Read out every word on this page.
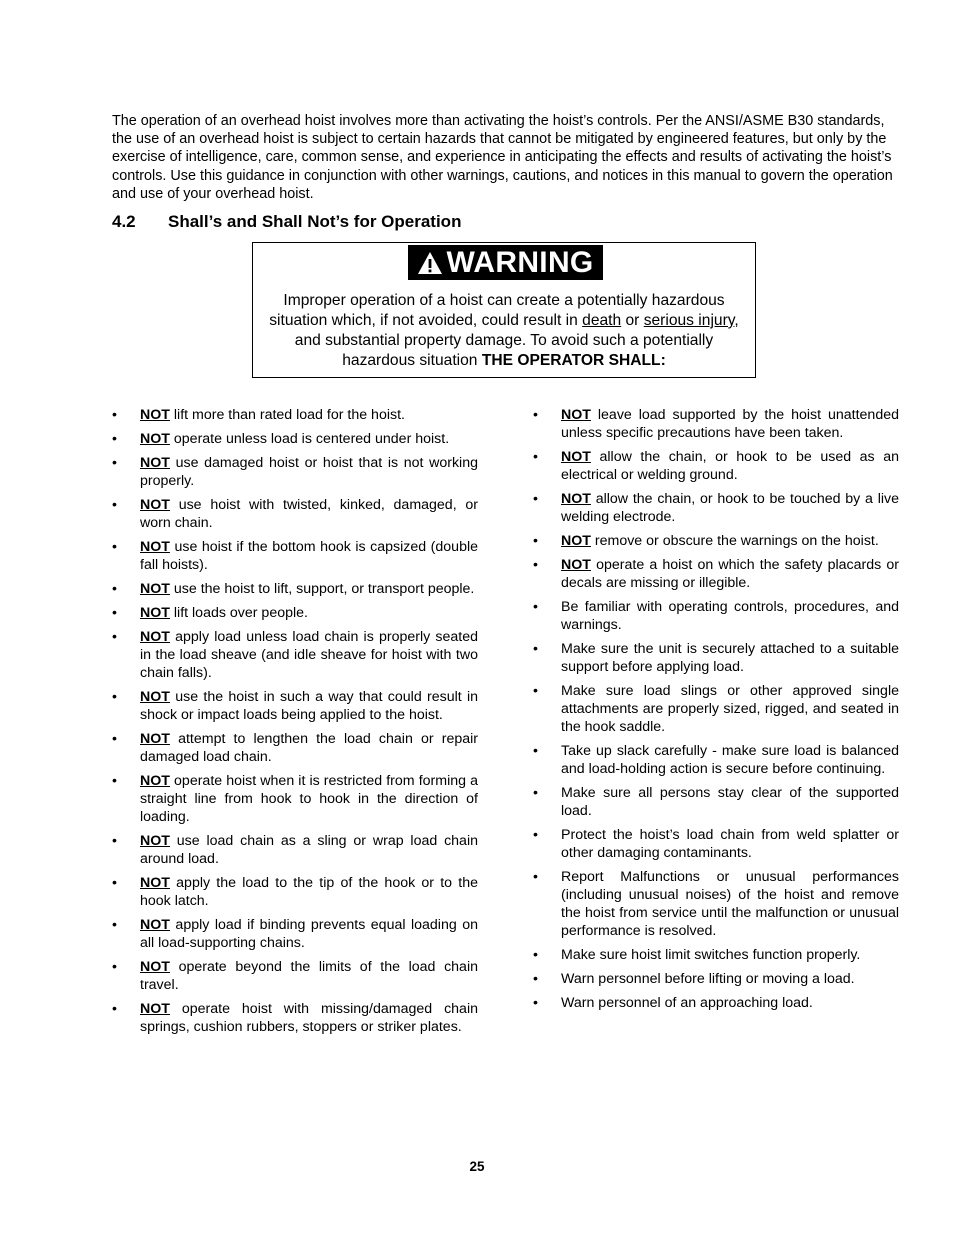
The operation of an overhead hoist involves more than activating the hoist’s controls. Per the ANSI/ASME B30 standards, the use of an overhead hoist is subject to certain hazards that cannot be mitigated by engineered features, but only by the exercise of intelligence, care, common sense, and experience in anticipating the effects and results of activating the hoist’s controls. Use this guidance in conjunction with other warnings, cautions, and notices in this manual to govern the operation and use of your overhead hoist.

4.2 Shall’s and Shall Not’s for Operation
WARNING

Improper operation of a hoist can create a potentially hazardous situation which, if not avoided, could result in death or serious injury, and substantial property damage. To avoid such a potentially hazardous situation THE OPERATOR SHALL:

• NOT lift more than rated load for the hoist.
• NOT operate unless load is centered under hoist.
• NOT use damaged hoist or hoist that is not working properly.
• NOT use hoist with twisted, kinked, damaged, or worn chain.
• NOT use hoist if the bottom hook is capsized (double fall hoists).
• NOT use the hoist to lift, support, or transport people.
• NOT lift loads over people.
• NOT apply load unless load chain is properly seated in the load sheave (and idle sheave for hoist with two chain falls).
• NOT use the hoist in such a way that could result in shock or impact loads being applied to the hoist.
• NOT attempt to lengthen the load chain or repair damaged load chain.
• NOT operate hoist when it is restricted from forming a straight line from hook to hook in the direction of loading.
• NOT use load chain as a sling or wrap load chain around load.
• NOT apply the load to the tip of the hook or to the hook latch.
• NOT apply load if binding prevents equal loading on all load-supporting chains.
• NOT operate beyond the limits of the load chain travel.
• NOT operate hoist with missing/damaged chain springs, cushion rubbers, stoppers or striker plates.
• NOT leave load supported by the hoist unattended unless specific precautions have been taken.
• NOT allow the chain, or hook to be used as an electrical or welding ground.
• NOT allow the chain, or hook to be touched by a live welding electrode.
• NOT remove or obscure the warnings on the hoist.
• NOT operate a hoist on which the safety placards or decals are missing or illegible.
• Be familiar with operating controls, procedures, and warnings.
• Make sure the unit is securely attached to a suitable support before applying load.
• Make sure load slings or other approved single attachments are properly sized, rigged, and seated in the hook saddle.
• Take up slack carefully - make sure load is balanced and load-holding action is secure before continuing.
• Make sure all persons stay clear of the supported load.
• Protect the hoist’s load chain from weld splatter or other damaging contaminants.
• Report Malfunctions or unusual performances (including unusual noises) of the hoist and remove the hoist from service until the malfunction or unusual performance is resolved.
• Make sure hoist limit switches function properly.
• Warn personnel before lifting or moving a load.
• Warn personnel of an approaching load.

25
